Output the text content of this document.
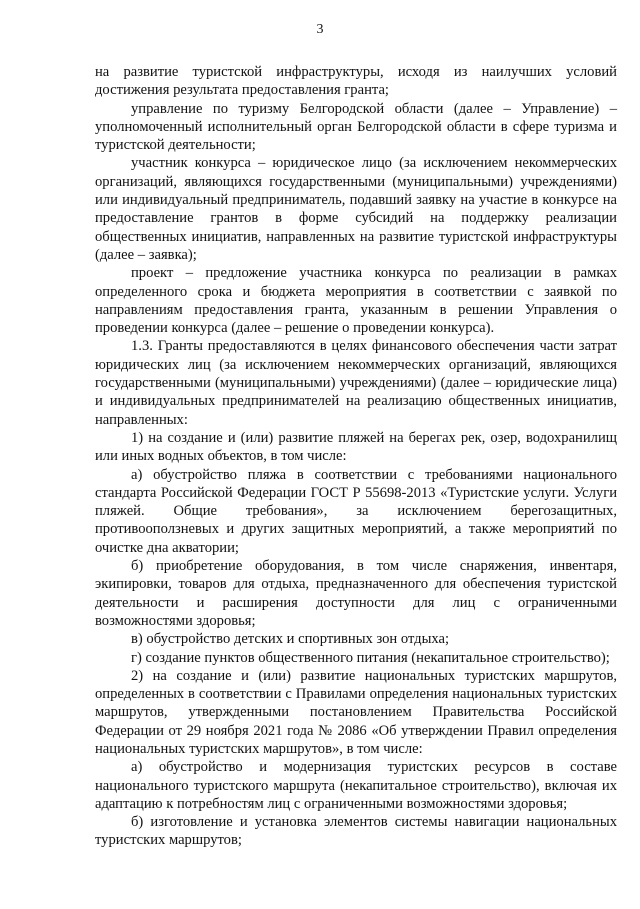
3

на развитие туристской инфраструктуры, исходя из наилучших условий достижения результата предоставления гранта;

управление по туризму Белгородской области (далее – Управление) – уполномоченный исполнительный орган Белгородской области в сфере туризма и туристской деятельности;

участник конкурса – юридическое лицо (за исключением некоммерческих организаций, являющихся государственными (муниципальными) учреждениями) или индивидуальный предприниматель, подавший заявку на участие в конкурсе на предоставление грантов в форме субсидий на поддержку реализации общественных инициатив, направленных на развитие туристской инфраструктуры (далее – заявка);

проект – предложение участника конкурса по реализации в рамках определенного срока и бюджета мероприятия в соответствии с заявкой по направлениям предоставления гранта, указанным в решении Управления о проведении конкурса (далее – решение о проведении конкурса).

1.3. Гранты предоставляются в целях финансового обеспечения части затрат юридических лиц (за исключением некоммерческих организаций, являющихся государственными (муниципальными) учреждениями) (далее – юридические лица) и индивидуальных предпринимателей на реализацию общественных инициатив, направленных:

1) на создание и (или) развитие пляжей на берегах рек, озер, водохранилищ или иных водных объектов, в том числе:

а) обустройство пляжа в соответствии с требованиями национального стандарта Российской Федерации ГОСТ Р 55698-2013 «Туристские услуги. Услуги пляжей. Общие требования», за исключением берегозащитных, противооползневых и других защитных мероприятий, а также мероприятий по очистке дна акватории;

б) приобретение оборудования, в том числе снаряжения, инвентаря, экипировки, товаров для отдыха, предназначенного для обеспечения туристской деятельности и расширения доступности для лиц с ограниченными возможностями здоровья;

в) обустройство детских и спортивных зон отдыха;

г) создание пунктов общественного питания (некапитальное строительство);

2) на создание и (или) развитие национальных туристских маршрутов, определенных в соответствии с Правилами определения национальных туристских маршрутов, утвержденными постановлением Правительства Российской Федерации от 29 ноября 2021 года № 2086 «Об утверждении Правил определения национальных туристских маршрутов», в том числе:

а) обустройство и модернизация туристских ресурсов в составе национального туристского маршрута (некапитальное строительство), включая их адаптацию к потребностям лиц с ограниченными возможностями здоровья;

б) изготовление и установка элементов системы навигации национальных туристских маршрутов;
